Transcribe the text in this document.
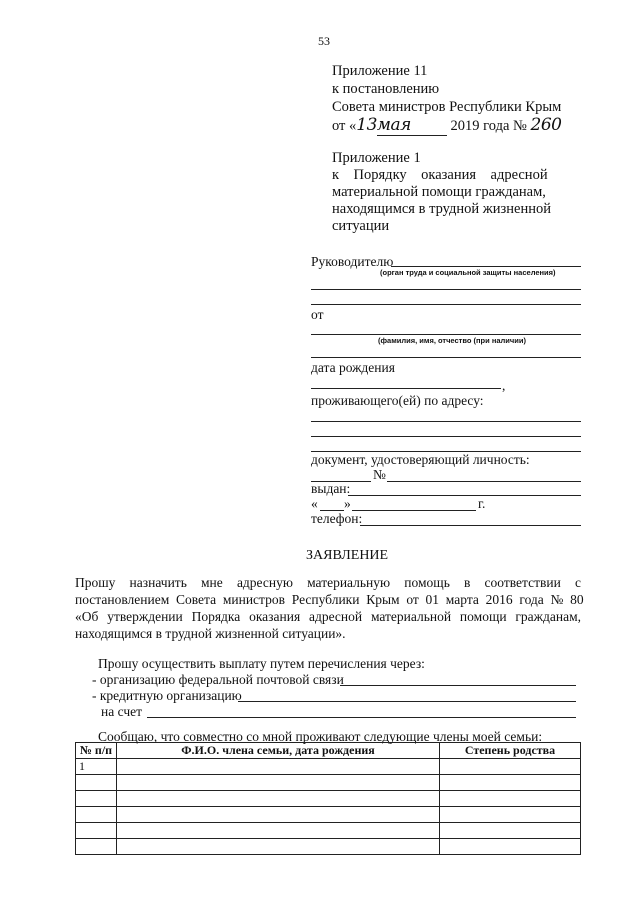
53
Приложение 11
к постановлению
Совета министров Республики Крым
от «13мая	2019 года № 260
Приложение 1
к    Порядку    оказания    адресной
материальной помощи гражданам,
находящимся в трудной жизненной
ситуации
Руководителю
(орган труда и социальной защиты населения)
от
(фамилия, имя, отчество (при наличии)
дата рождения
,
проживающего(ей) по адресу:
документ, удостоверяющий личность:
№
выдан:
« »	г.
телефон:
ЗАЯВЛЕНИЕ
Прошу   назначить   мне   адресную   материальную   помощь   в   соответствии   с
постановлением  Совета  министров  Республики  Крым  от  01  марта  2016  года  №  80
«Об  утверждении  Порядка  оказания  адресной  материальной  помощи  гражданам,
находящимся в трудной жизненной ситуации».
Прошу осуществить выплату путем перечисления через:
- организацию федеральной почтовой связи
- кредитную организацию
на счет
Сообщаю, что совместно со мной проживают следующие члены моей семьи:
№ п/п	Ф.И.О. члена семьи, дата рождения	Степень родства
1		
